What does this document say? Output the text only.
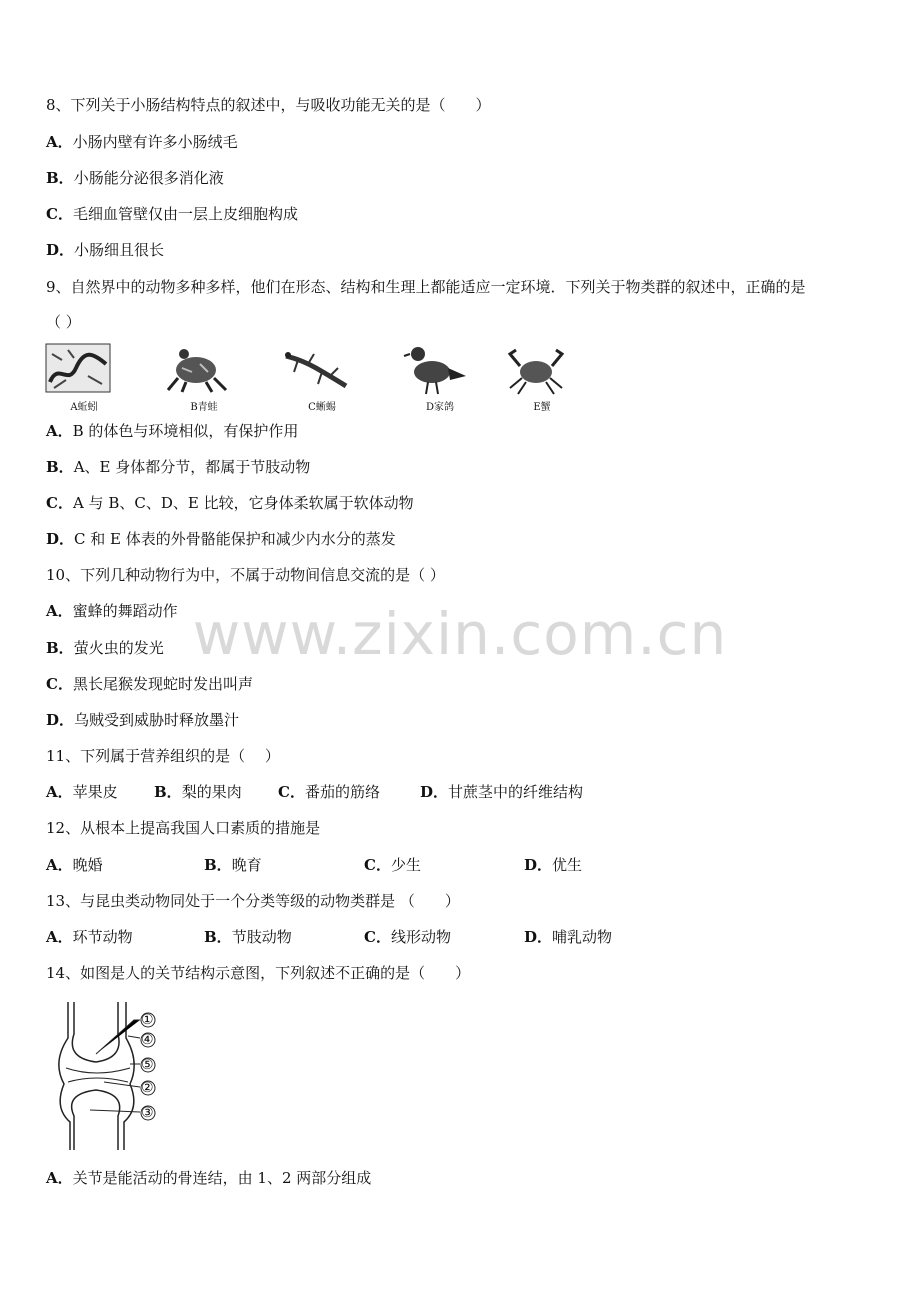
www.zixin.com.cn
8、下列关于小肠结构特点的叙述中，与吸收功能无关的是（　　）
A．小肠内壁有许多小肠绒毛
B．小肠能分泌很多消化液
C．毛细血管壁仅由一层上皮细胞构成
D．小肠细且很长
9、自然界中的动物多种多样，他们在形态、结构和生理上都能适应一定环境．下列关于物类群的叙述中，正确的是
（ ）
A蚯蚓	B青蛙	C蜥蜴	D家鸽	E蟹
A．B 的体色与环境相似，有保护作用
B．A、E 身体都分节，都属于节肢动物
C．A 与 B、C、D、E 比较，它身体柔软属于软体动物
D．C 和 E 体表的外骨骼能保护和减少内水分的蒸发
10、下列几种动物行为中，不属于动物间信息交流的是（ ）
A．蜜蜂的舞蹈动作
B．萤火虫的发光
C．黑长尾猴发现蛇时发出叫声
D．乌贼受到威胁时释放墨汁
11、下列属于营养组织的是（　 ）
A．苹果皮 B．梨的果肉 C．番茄的筋络	D．甘蔗茎中的纤维结构
12、从根本上提高我国人口素质的措施是
A．晚婚	B．晚育	C．少生	D．优生
13、与昆虫类动物同处于一个分类等级的动物类群是 （　　）
A．环节动物	B．节肢动物	C．线形动物	D．哺乳动物
14、如图是人的关节结构示意图，下列叙述不正确的是（　　）
①
④
⑤
②
③
A．关节是能活动的骨连结，由 1、2 两部分组成
